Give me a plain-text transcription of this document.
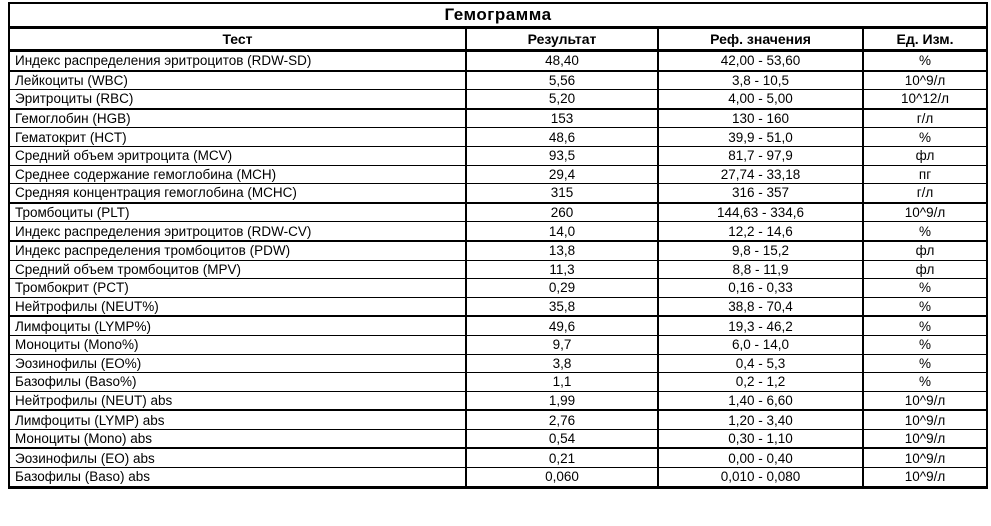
Гемограмма			
Тест	Результат	Реф. значения	Ед. Изм.
Индекс распределения эритроцитов (RDW-SD)	48,40	42,00 - 53,60	%
Лейкоциты (WBC)	5,56	3,8 - 10,5	10^9/л
Эритроциты (RBC)	5,20	4,00 - 5,00	10^12/л
Гемоглобин (HGB)	153	130 - 160	г/л
Гематокрит (HCT)	48,6	39,9 - 51,0	%
Средний объем эритроцита (MCV)	93,5	81,7 - 97,9	фл
Среднее содержание гемоглобина (MCH)	29,4	27,74 - 33,18	пг
Средняя концентрация гемоглобина (MCHC)	315	316 - 357	г/л
Тромбоциты (PLT)	260	144,63 - 334,6	10^9/л
Индекс распределения эритроцитов (RDW-CV)	14,0	12,2 - 14,6	%
Индекс распределения тромбоцитов (PDW)	13,8	9,8 - 15,2	фл
Средний объем тромбоцитов (MPV)	11,3	8,8 - 11,9	фл
Тромбокрит (PCT)	0,29	0,16 - 0,33	%
Нейтрофилы (NEUT%)	35,8	38,8 - 70,4	%
Лимфоциты (LYMP%)	49,6	19,3 - 46,2	%
Моноциты (Mono%)	9,7	6,0 - 14,0	%
Эозинофилы (EO%)	3,8	0,4 - 5,3	%
Базофилы (Baso%)	1,1	0,2 - 1,2	%
Нейтрофилы (NEUT) abs	1,99	1,40 - 6,60	10^9/л
Лимфоциты (LYMP) abs	2,76	1,20 - 3,40	10^9/л
Моноциты (Mono) abs	0,54	0,30 - 1,10	10^9/л
Эозинофилы (EO) abs	0,21	0,00 - 0,40	10^9/л
Базофилы (Baso) abs	0,060	0,010 - 0,080	10^9/л
